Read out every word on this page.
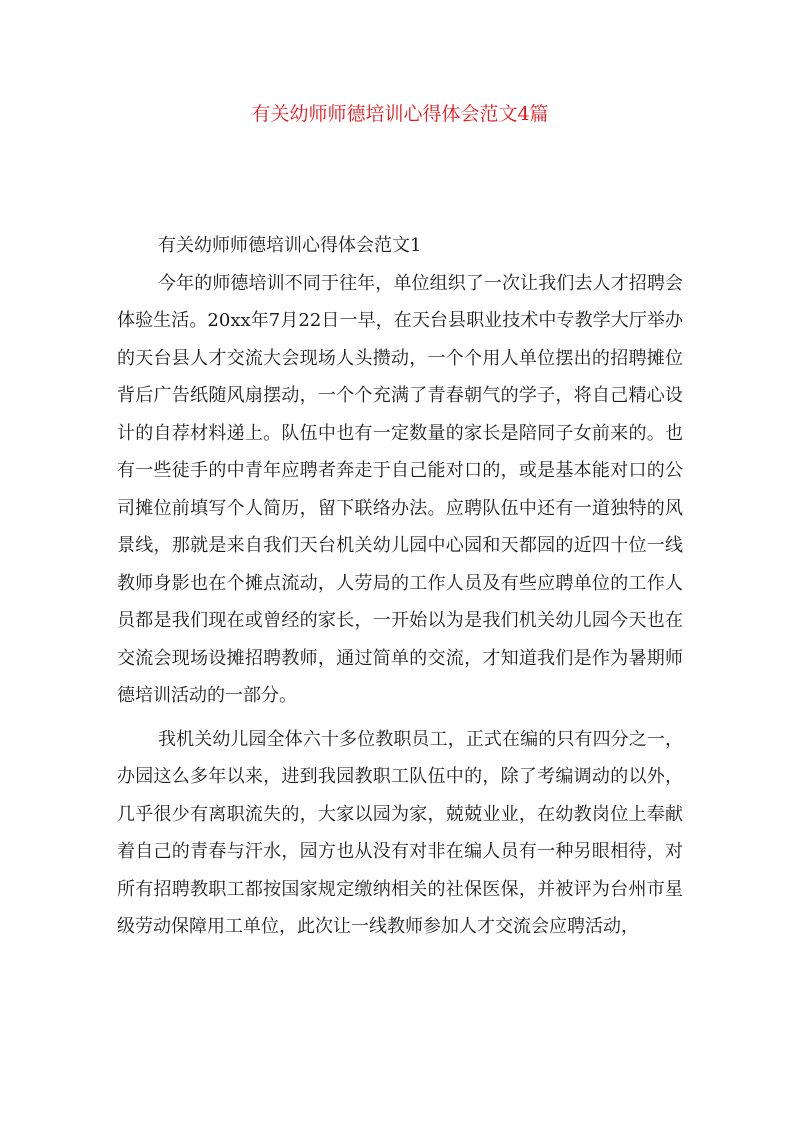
有关幼师师德培训心得体会范文4篇
有关幼师师德培训心得体会范文1

今年的师德培训不同于往年，单位组织了一次让我们去人才招聘会体验生活。20xx年7月22日一早，在天台县职业技术中专教学大厅举办的天台县人才交流大会现场人头攒动，一个个用人单位摆出的招聘摊位背后广告纸随风扇摆动，一个个充满了青春朝气的学子，将自己精心设计的自荐材料递上。队伍中也有一定数量的家长是陪同子女前来的。也有一些徒手的中青年应聘者奔走于自己能对口的，或是基本能对口的公司摊位前填写个人简历，留下联络办法。应聘队伍中还有一道独特的风景线，那就是来自我们天台机关幼儿园中心园和天都园的近四十位一线教师身影也在个摊点流动，人劳局的工作人员及有些应聘单位的工作人员都是我们现在或曾经的家长，一开始以为是我们机关幼儿园今天也在交流会现场设摊招聘教师，通过简单的交流，才知道我们是作为暑期师德培训活动的一部分。

我机关幼儿园全体六十多位教职员工，正式在编的只有四分之一，办园这么多年以来，进到我园教职工队伍中的，除了考编调动的以外，几乎很少有离职流失的，大家以园为家，兢兢业业，在幼教岗位上奉献着自己的青春与汗水，园方也从没有对非在编人员有一种另眼相待，对所有招聘教职工都按国家规定缴纳相关的社保医保，并被评为台州市星级劳动保障用工单位，此次让一线教师参加人才交流会应聘活动，
